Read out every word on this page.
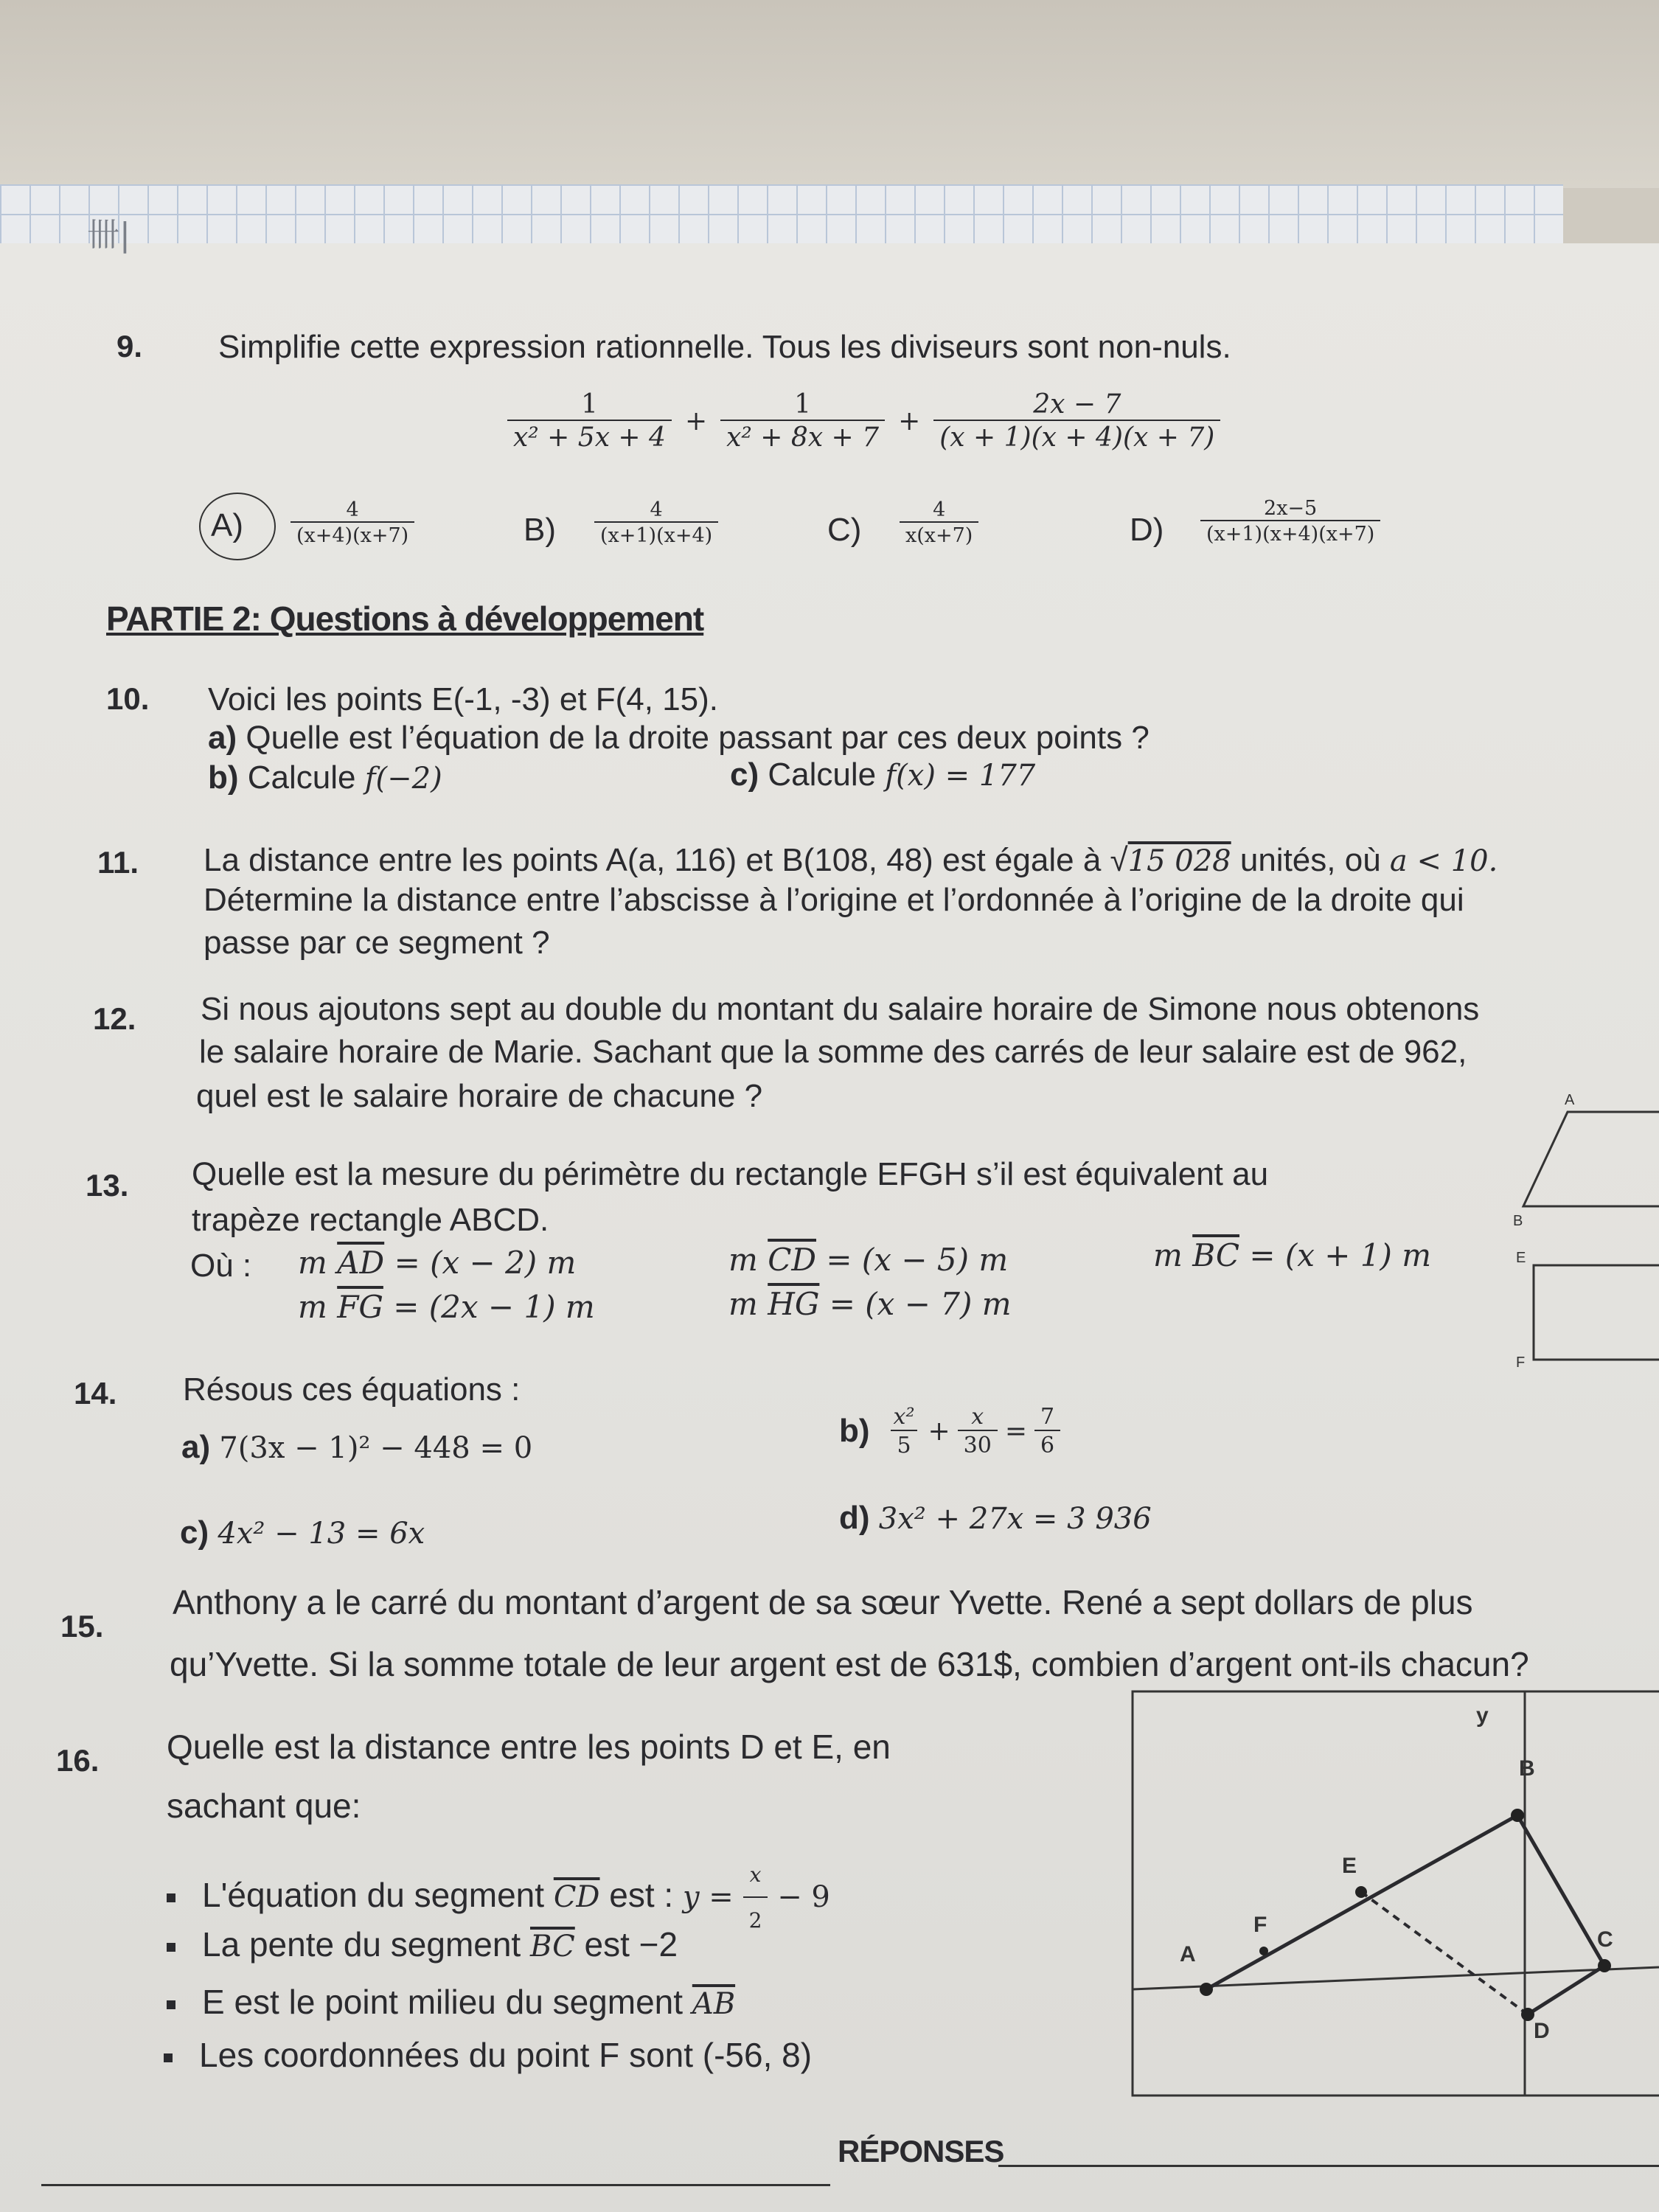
卌|
9. Simplifie cette expression rationnelle. Tous les diviseurs sont non-nuls.
$\frac{1}{\text{x² + 5x + 4}} + \frac{1}{\text{x² + 8x + 7}} + \frac{2x - 7}{(x + 1)(x + 4)(x + 7)}$
$A) \frac{4}{(x+4)(x+7)}$	$B) \frac{4}{(x+1)(x+4)}$	$C) \frac{4}{x(x+7)}$	$D) \frac{2x-5}{(x+1)(x+4)(x+7)}$
PARTIE 2: Questions à développement
10. Voici les points E(-1, -3) et F(4, 15).
a) Quelle est l’équation de la droite passant par ces deux points ?
b) Calcule f(−2)	c) Calcule f(x) = 177
11. La distance entre les points A(a, 116) et B(108, 48) est égale à √15 028 unités, où a < 10.
Détermine la distance entre l’abscisse à l’origine et l’ordonnée à l’origine de la droite qui
passe par ce segment ?
12. Si nous ajoutons sept au double du montant du salaire horaire de Simone nous obtenons
le salaire horaire de Marie. Sachant que la somme des carrés de leur salaire est de 962,
quel est le salaire horaire de chacune ?
13. Quelle est la mesure du périmètre du rectangle EFGH s’il est équivalent au
trapèze rectangle ABCD.
Où : m $\overline{AD} = (x - 2)$ m	m $\overline{CD} = (x - 5)$ m	m $\overline{BC} = (x + 1)$ m
m $\overline{FG} = (2x - 1)$ m	m $\overline{HG} = (x - 7)$ m
A
B
E
F
14. Résous ces équations :
a) 7(3x − 1)² − 448 = 0	$b) \frac{\text{x²}}{5} + \frac{x}{30} = \frac{7}{6}$
c) 4x² − 13 = 6x	d) 3x² + 27x = 3 936
15.
Anthony a le carré du montant d’argent de sa sœur Yvette. René a sept dollars de plus
qu’Yvette. Si la somme totale de leur argent est de 631$, combien d’argent ont-ils chacun?
16. Quelle est la distance entre les points D et E, en
sachant que:
L'équation du segment $\overline{CD}$ est : $y = \frac{x}{2} - 9$
La pente du segment $\overline{BC}$ est −2
E est le point milieu du segment $\overline{AB}$
Les coordonnées du point F sont (-56, 8)
y
A
B
C
D
E
F
RÉPONSES
